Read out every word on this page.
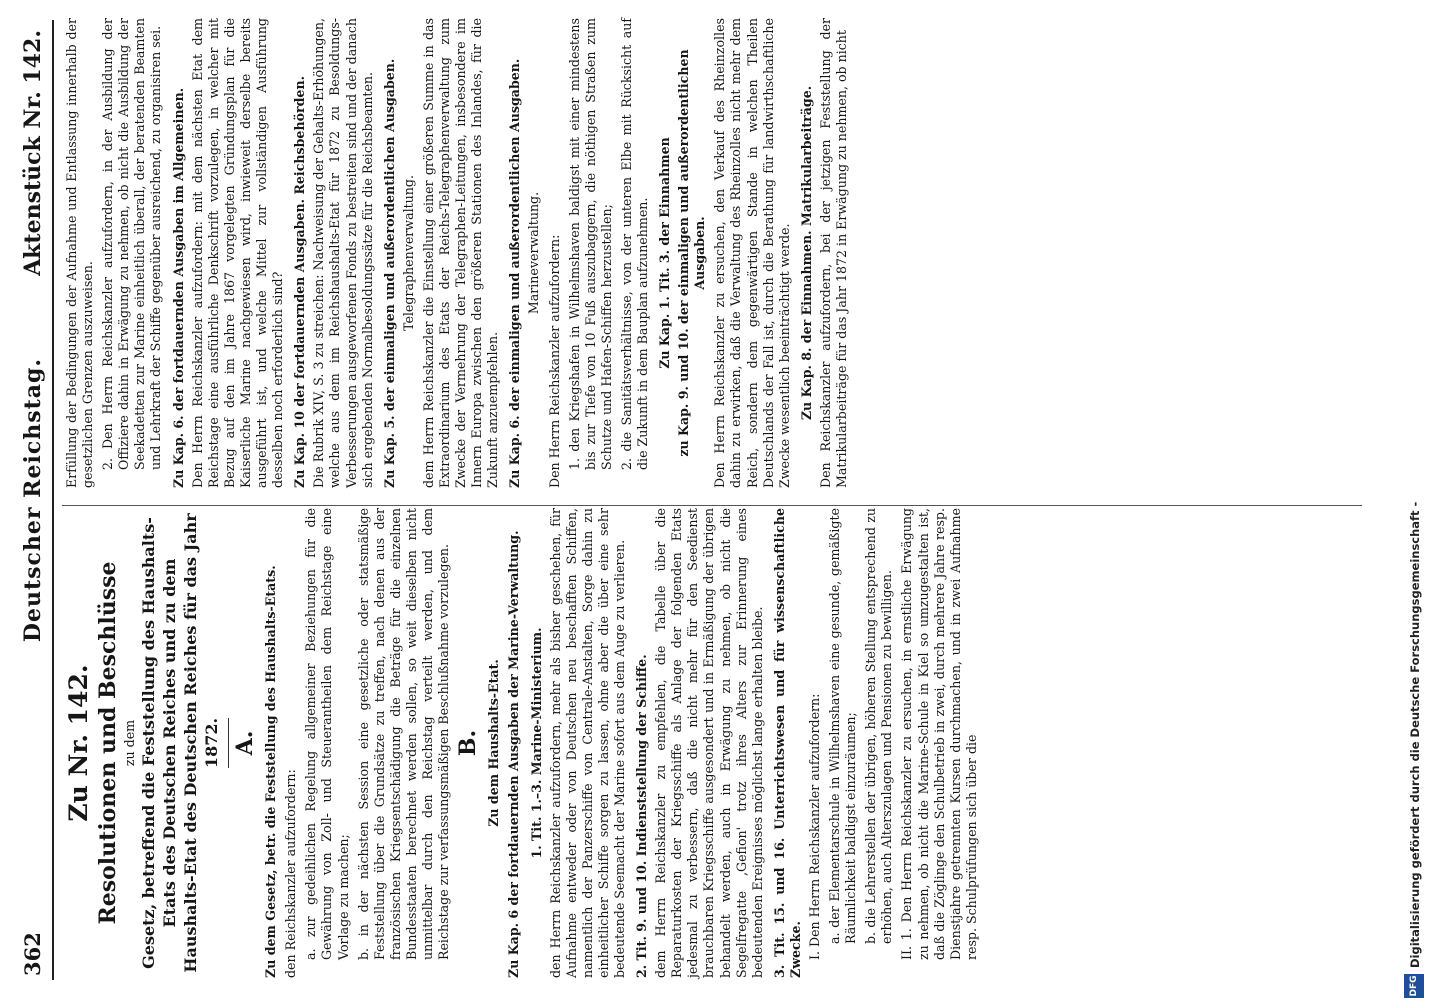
362
Deutscher Reichstag.
Aktenstück Nr. 142.
Zu Nr. 142. Resolutionen und Beschlüsse zu dem Gesetz, betreffend die Feststellung des Haushalts-Etats des Deutschen Reiches und zu dem Haushalts-Etat des Deutschen Reiches für das Jahr 1872. A. Zu dem Gesetz, betr. die Feststellung des Haushalts-Etats. den Reichskanzler aufzufordern: a. zur gedeihlichen Regelung allgemeiner Beziehungen für die Gewährung von Zoll- und Steuerantheilen dem Reichstage eine Vorlage zu machen; b. in der nächsten Session eine gesetzliche oder statsmäßige Feststellung über die Grundsätze zu treffen, nach denen aus der französischen Kriegsentschädigung die Beträge für die einzelnen Bundesstaaten berechnet werden sollen, so weit dieselben nicht unmittelbar durch den Reichstag verteilt werden, und dem Reichstage zur verfassungsmäßigen Beschlußnahme vorzulegen. B. Zu dem Haushalts-Etat. Zu Kap. 6 der fortdauernden Ausgaben der Marine-Verwaltung. 1. Tit. 1.–3. Marine-Ministerium. den Herrn Reichskanzler aufzufordern, mehr als bisher geschehen, für Aufnahme entweder oder von Deutschen neu beschafften Schiffen, namentlich der Panzerschiffe von Centrale-Anstalten, Sorge dahin zu einheitlicher Schiffe sorgen zu lassen, ohne aber die über eine sehr bedeutende Seemacht der Marine sofort aus dem Auge zu verlieren. 2. Tit. 9. und 10. Indienststellung der Schiffe. dem Herrn Reichskanzler zu empfehlen, die Tabelle über die Reparaturkosten der Kriegsschiffe als Anlage der folgenden Etats jedesmal zu verbessern, daß die nicht mehr für den Seedienst brauchbaren Kriegsschiffe ausgesondert und in Ermäßigung der übrigen behandelt werden, auch in Erwägung zu nehmen, ob nicht die Segelfregatte ‚Gefion' trotz ihres Alters zur Erinnerung eines bedeutenden Ereignisses möglichst lange erhalten bleibe. 3. Tit. 15. und 16. Unterrichtswesen und für wissenschaftliche Zwecke. I. Den Herrn Reichskanzler aufzufordern: a. der Elementarschule in Wilhelmshaven eine gesunde, gemäßigte Räumlichkeit baldigst einzuräumen; b. die Lehrerstellen der übrigen, höheren Stellung entsprechend zu erhöhen, auch Alterszulagen und Pensionen zu bewilligen. II. 1. Den Herrn Reichskanzler zu ersuchen, in ernstliche Erwägung zu nehmen, ob nicht die Marine-Schule in Kiel so umzugestalten ist, daß die Zöglinge den Schulbetrieb in zwei, durch mehrere Jahre resp. Dienstjahre getrennten Kursen durchmachen, und in zwei Aufnahme resp. Schulprüfungen sich über die

Erfüllung der Bedingungen der Aufnahme und Entlassung innerhalb der gesetzlichen Grenzen auszuweisen. 2. Den Herrn Reichskanzler aufzufordern, in der Ausbildung der Offiziere dahin in Erwägung zu nehmen, ob nicht die Ausbildung der Seekadetten zur Marine einheitlich überall, der beratenden Beamten und Lehrkraft der Schiffe gegenüber ausreichend, zu organisiren sei. Zu Kap. 6. der fortdauernden Ausgaben im Allgemeinen. Den Herrn Reichskanzler aufzufordern: mit dem nächsten Etat dem Reichstage eine ausführliche Denkschrift vorzulegen, in welcher mit Bezug auf den im Jahre 1867 vorgelegten Gründungsplan für die Kaiserliche Marine nachgewiesen wird, inwieweit derselbe bereits ausgeführt ist, und welche Mittel zur vollständigen Ausführung desselben noch erforderlich sind? Zu Kap. 10 der fortdauernden Ausgaben. Reichsbehörden. Die Rubrik XIV, S. 3 zu streichen: Nachweisung der Gehalts-Erhöhungen, welche aus dem im Reichshaushalts-Etat für 1872 zu Besoldungs-Verbesserungen ausgeworfenen Fonds zu bestreiten sind und der danach sich ergebenden Normalbesoldungssätze für die Reichsbeamten. Zu Kap. 5. der einmaligen und außerordentlichen Ausgaben. Telegraphenverwaltung. dem Herrn Reichskanzler die Einstellung einer größeren Summe in das Extraordinarium des Etats der Reichs-Telegraphenverwaltung zum Zwecke der Vermehrung der Telegraphen-Leitungen, insbesondere im Innern Europa zwischen den größeren Stationen des Inlandes, für die Zukunft anzuempfehlen. Zu Kap. 6. der einmaligen und außerordentlichen Ausgaben. Marineverwaltung. Den Herrn Reichskanzler aufzufordern: 1. den Kriegshafen in Wilhelmshaven baldigst mit einer mindestens bis zur Tiefe von 10 Fuß auszubaggern, die nöthigen Straßen zum Schutze und Hafen-Schiffen herzustellen; 2. die Sanitätsverhältnisse, von der unteren Elbe mit Rücksicht auf die Zukunft in dem Bauplan aufzunehmen. Zu Kap. 1. Tit. 3. der Einnahmen zu Kap. 9. und 10. der einmaligen und außerordentlichen Ausgaben. Den Herrn Reichskanzler zu ersuchen, den Verkauf des Rheinzolles dahin zu erwirken, daß die Verwaltung des Rheinzolles nicht mehr dem Reich, sondern dem gegenwärtigen Stande in welchen Theilen Deutschlands der Fall ist, durch die Berathung für landwirthschaftliche Zwecke wesentlich beeinträchtigt werde. Zu Kap. 8. der Einnahmen. Matrikularbeiträge. Den Reichskanzler aufzufordern, bei der jetzigen Feststellung der Matrikularbeiträge für das Jahr 1872 in Erwägung zu nehmen, ob nicht

DFG
Digitalisierung gefördert durch die Deutsche Forschungsgemeinschaft -
